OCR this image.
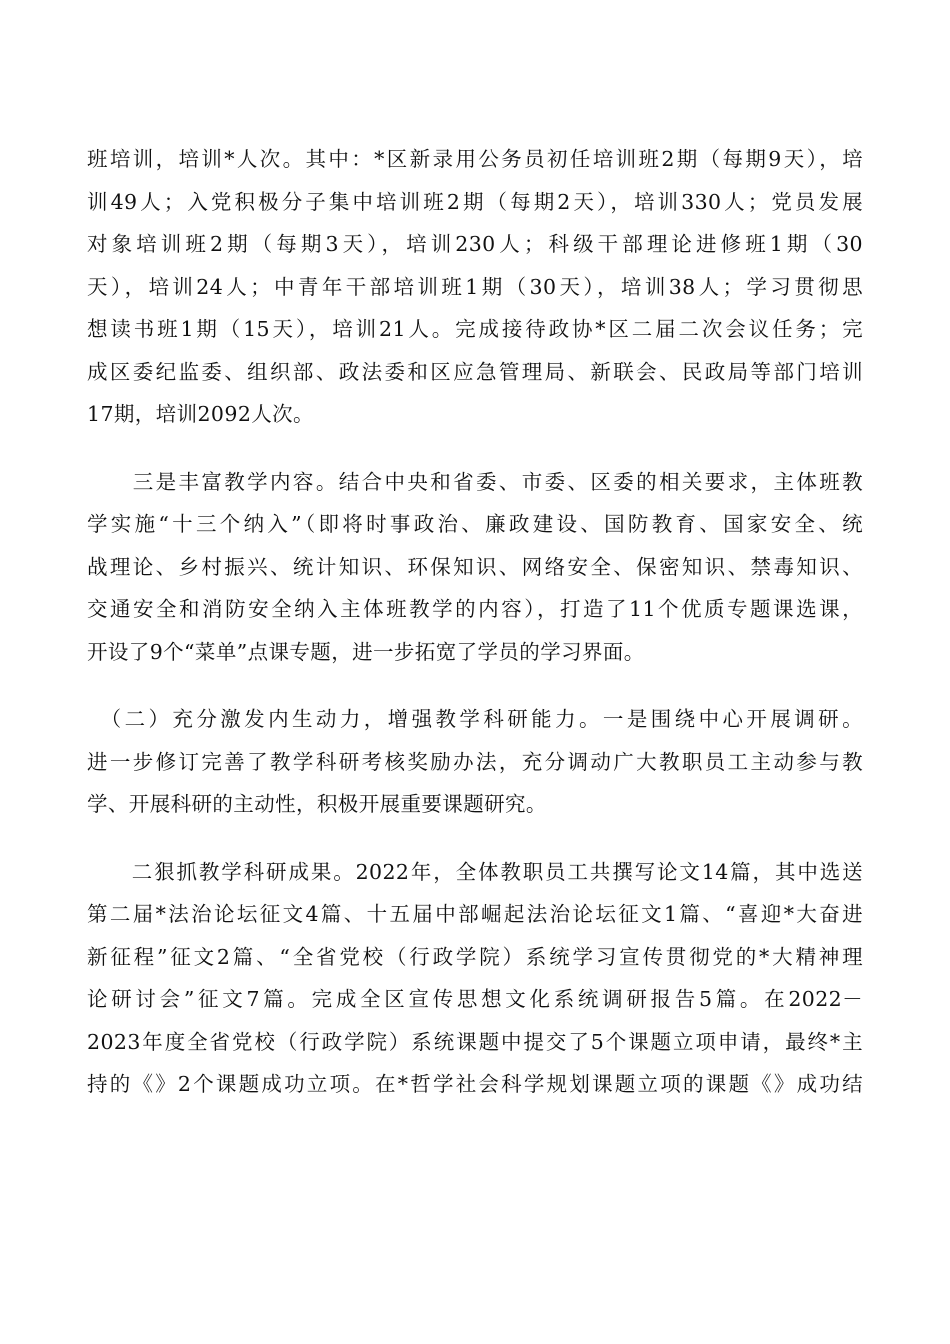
班培训，培训*人次。其中：*区新录用公务员初任培训班2期（每期9天），培
训49人；入党积极分子集中培训班2期（每期2天），培训330人；党员发展
对象培训班2期（每期3天），培训230人；科级干部理论进修班1期（30
天），培训24人；中青年干部培训班1期（30天），培训38人；学习贯彻思
想读书班1期（15天），培训21人。完成接待政协*区二届二次会议任务；完
成区委纪监委、组织部、政法委和区应急管理局、新联会、民政局等部门培训
17期，培训2092人次。
　　三是丰富教学内容。结合中央和省委、市委、区委的相关要求，主体班教
学实施“十三个纳入”（即将时事政治、廉政建设、国防教育、国家安全、统
战理论、乡村振兴、统计知识、环保知识、网络安全、保密知识、禁毒知识、
交通安全和消防安全纳入主体班教学的内容），打造了11个优质专题课选课，
开设了9个“菜单”点课专题，进一步拓宽了学员的学习界面。
　（二）充分激发内生动力，增强教学科研能力。一是围绕中心开展调研。
进一步修订完善了教学科研考核奖励办法，充分调动广大教职员工主动参与教
学、开展科研的主动性，积极开展重要课题研究。
　　二狠抓教学科研成果。2022年，全体教职员工共撰写论文14篇，其中选送
第二届*法治论坛征文4篇、十五届中部崛起法治论坛征文1篇、“喜迎*大奋进
新征程”征文2篇、“全省党校（行政学院）系统学习宣传贯彻党的*大精神理
论研讨会”征文7篇。完成全区宣传思想文化系统调研报告5篇。在2022－
2023年度全省党校（行政学院）系统课题中提交了5个课题立项申请，最终*主
持的《》2个课题成功立项。在*哲学社会科学规划课题立项的课题《》成功结
